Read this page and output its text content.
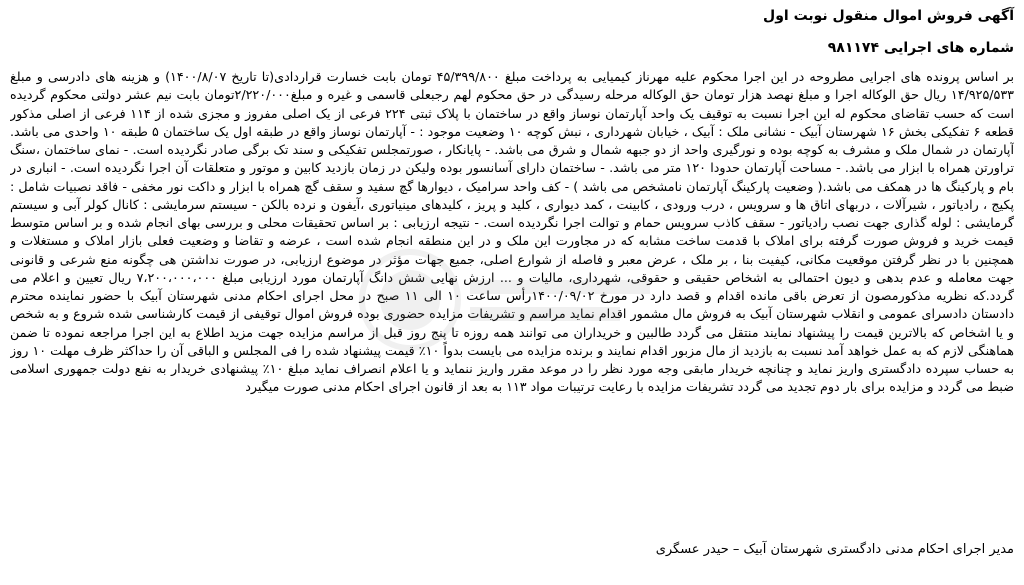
آگهی فروش اموال منقول نوبت اول
شماره های اجرایی ۹۸۱۱۷۴

بر اساس پرونده های اجرایی مطروحه در این اجرا محکوم علیه مهرناز کیمیایی به پرداخت مبلغ ۴۵/۳۹۹/۸۰۰ تومان بابت خسارت قراردادی(تا تاریخ ۱۴۰۰/۸/۰۷) و هزینه های دادرسی و مبلغ ۱۴/۹۲۵/۵۳۳ ریال حق الوکاله اجرا و مبلغ نهصد هزار تومان حق الوکاله مرحله رسیدگی در حق محکوم لهم رجبعلی قاسمی و غیره و مبلغ۲/۲۲۰/۰۰۰تومان بابت نیم عشر دولتی محکوم گردیده است که حسب تقاضای محکوم له این اجرا نسبت به توقیف یک واحد آپارتمان نوساز واقع در ساختمان با پلاک ثبتی ۲۲۴ فرعی از یک اصلی مفروز و مجزی شده از ۱۱۴ فرعی از اصلی مذکور قطعه ۶ تفکیکی بخش ۱۶ شهرستان آبیک - نشانی ملک : آبیک ، خیابان شهرداری ، نبش کوچه ۱۰ وضعیت موجود : - آپارتمان نوساز واقع در طبقه اول یک ساختمان ۵ طبقه ۱۰ واحدی می باشد. آپارتمان در شمال ملک و مشرف به کوچه بوده و نورگیری واحد از دو جبهه شمال و شرق می باشد. - پایانکار ، صورتمجلس تفکیکی و سند تک برگی صادر نگردیده است. - نمای ساختمان ،سنگ تراورتن همراه با ابزار می باشد. - مساحت آپارتمان حدودا ۱۲۰ متر می باشد. - ساختمان دارای آسانسور بوده ولیکن در زمان بازدید کابین و موتور و متعلقات آن اجرا نگردیده است. - انباری در بام و پارکینگ ها در همکف می باشد.( وضعیت پارکینگ آپارتمان نامشخص می باشد ) - کف واحد سرامیک ، دیوارها گچ سفید و سقف گچ همراه با ابزار و داکت نور مخفی - فاقد نصبیات شامل : پکیج ، رادیاتور ، شیرآلات ، دربهای اتاق ها و سرویس ، درب ورودی ، کابینت ، کمد دیواری ، کلید و پریز ، کلیدهای مینیاتوری ،آیفون و نرده بالکن - سیستم سرمایشی : کانال کولر آبی و سیستم گرمایشی : لوله گذاری جهت نصب رادیاتور - سقف کاذب سرویس حمام و توالت اجرا نگردیده است. - نتیجه ارزیابی : بر اساس تحقیقات محلی و بررسی بهای انجام شده و بر اساس متوسط قیمت خرید و فروش صورت گرفته برای املاک با قدمت ساخت مشابه که در مجاورت این ملک و در این منطقه انجام شده است ، عرضه و تقاضا و وضعیت فعلی بازار املاک و مستغلات و همچنین با در نظر گرفتن موقعیت مکانی، کیفیت بنا ، بر ملک ، عرض معبر و فاصله از شوارع اصلی، جمیع جهات مؤثر در موضوع ارزیابی، در صورت نداشتن هی چگونه منع شرعی و قانونی جهت معامله و عدم بدهی و دیون احتمالی به اشخاص حقیقی و حقوقی، شهرداری، مالیات و ... ارزش نهایی شش دانگ آپارتمان مورد ارزیابی مبلغ ۷،۲۰۰،۰۰۰،۰۰۰ ریال تعیین و اعلام می گردد.که نظریه مذکورمصون از تعرض باقی مانده اقدام و قصد دارد در مورخ ۱۴۰۰/۰۹/۰۲رأس ساعت ۱۰ الی ۱۱ صبح در محل اجرای احکام مدنی شهرستان آبیک با حضور نماینده محترم دادستان دادسرای عمومی و انقلاب شهرستان آبیک به فروش مال مشمور اقدام نماید مراسم و تشریفات مزایده حضوری بوده فروش اموال توقیفی از قیمت کارشناسی شده شروع و به شخص و یا اشخاص که بالاترین قیمت را پیشنهاد نمایند منتقل می گردد طالبین و خریداران می توانند همه روزه تا پنج روز قبل از مراسم مزایده جهت مزید اطلاع به این اجرا مراجعه نموده تا ضمن هماهنگی لازم که به عمل خواهد آمد نسبت به بازدید از مال مزبور اقدام نمایند و برنده مزایده می بایست بدواً ۱۰٪ قیمت پیشنهاد شده را فی المجلس و الباقی آن را حداکثر ظرف مهلت ۱۰ روز به حساب سپرده دادگستری واریز نماید و چنانچه خریدار مابقی وجه مورد نظر را در موعد مقرر واریز ننماید و یا اعلام انصراف نماید مبلغ ۱۰٪ پیشنهادی خریدار به نفع دولت جمهوری اسلامی ضبط می گردد و مزایده برای بار دوم تجدید می گردد تشریفات مزایده با رعایت ترتیبات مواد ۱۱۳ به بعد از قانون اجرای احکام مدنی صورت میگیرد

مدیر اجرای احکام مدنی دادگستری شهرستان آبیک – حیدر عسگری
